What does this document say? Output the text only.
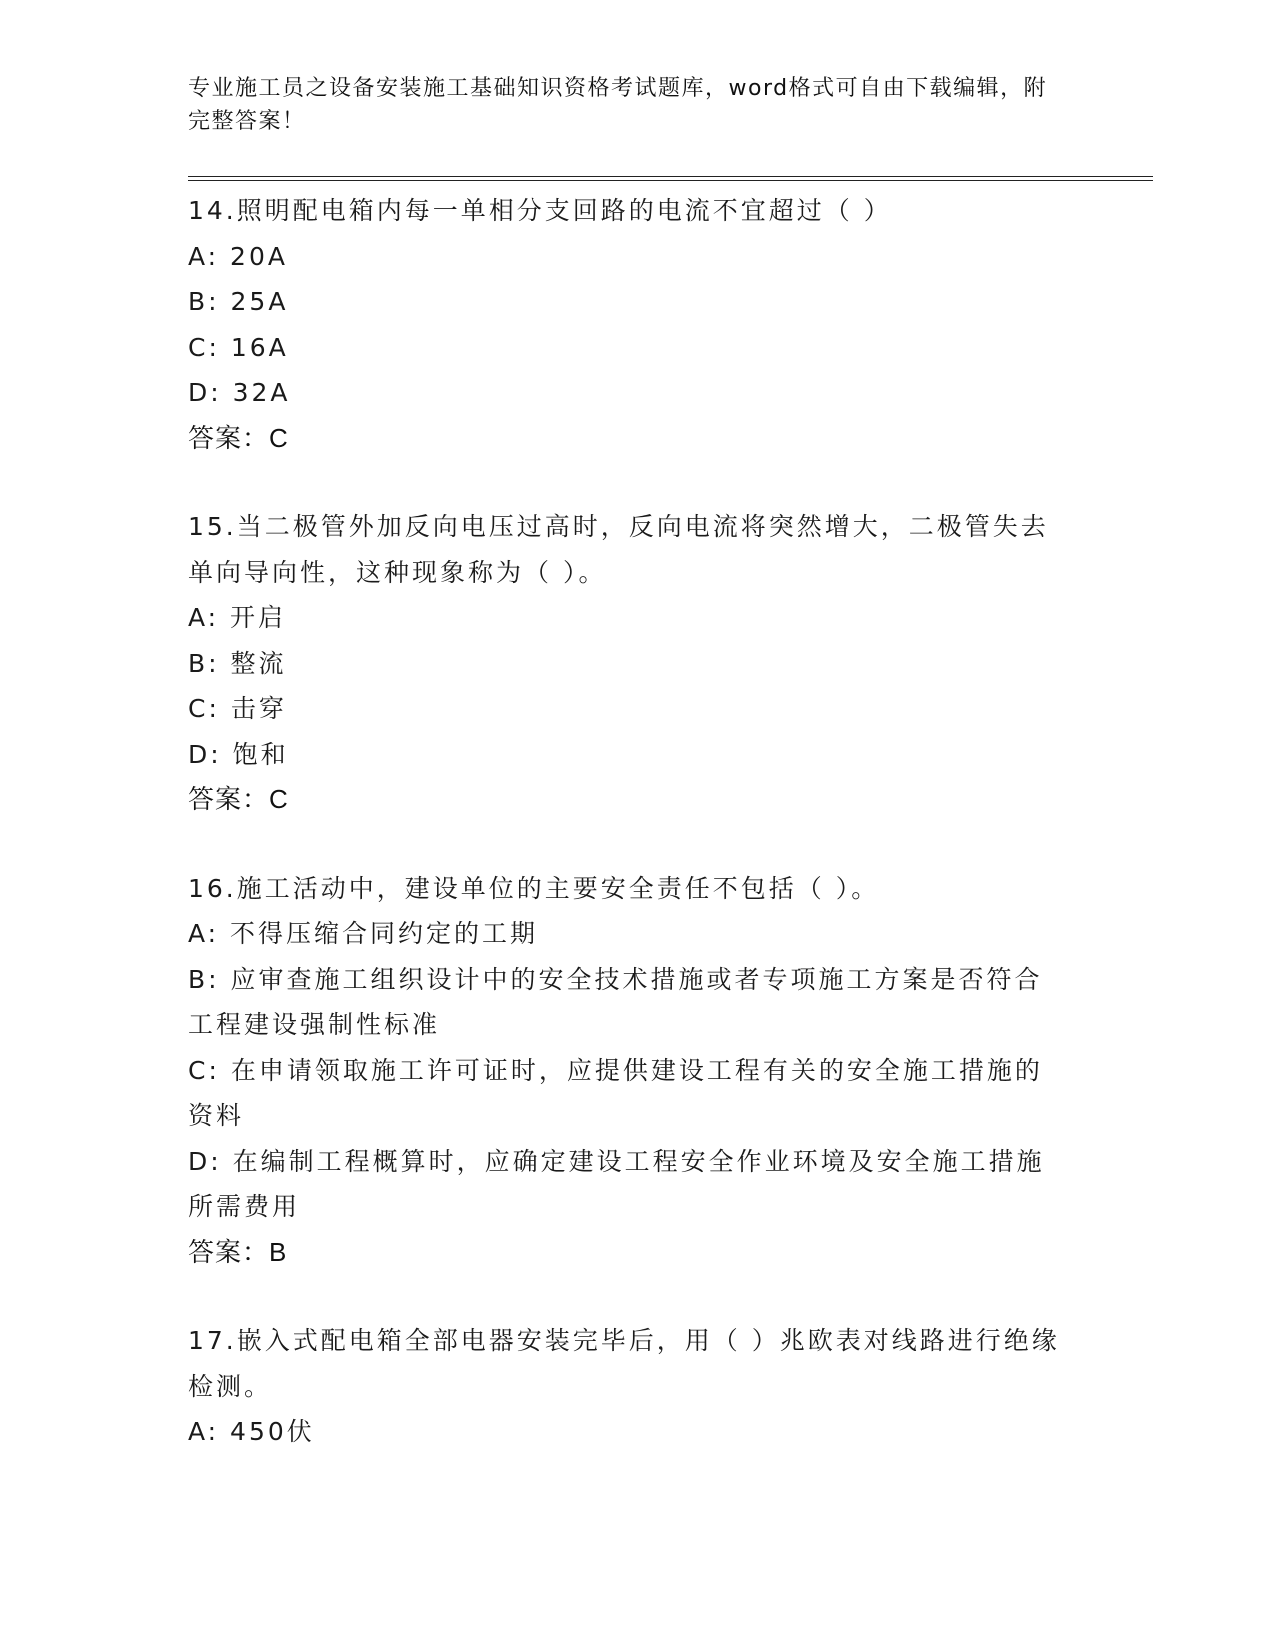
专业施工员之设备安装施工基础知识资格考试题库，word格式可自由下载编辑，附完整答案！
14.照明配电箱内每一单相分支回路的电流不宜超过（ ）
A: 20A
B: 25A
C: 16A
D: 32A
答案：C
15.当二极管外加反向电压过高时，反向电流将突然增大，二极管失去单向导向性，这种现象称为（ ）。
A: 开启
B: 整流
C: 击穿
D: 饱和
答案：C
16.施工活动中，建设单位的主要安全责任不包括（ ）。
A: 不得压缩合同约定的工期
B: 应审查施工组织设计中的安全技术措施或者专项施工方案是否符合工程建设强制性标准
C: 在申请领取施工许可证时，应提供建设工程有关的安全施工措施的资料
D: 在编制工程概算时，应确定建设工程安全作业环境及安全施工措施所需费用
答案：B
17.嵌入式配电箱全部电器安装完毕后，用（ ）兆欧表对线路进行绝缘检测。
A: 450伏
